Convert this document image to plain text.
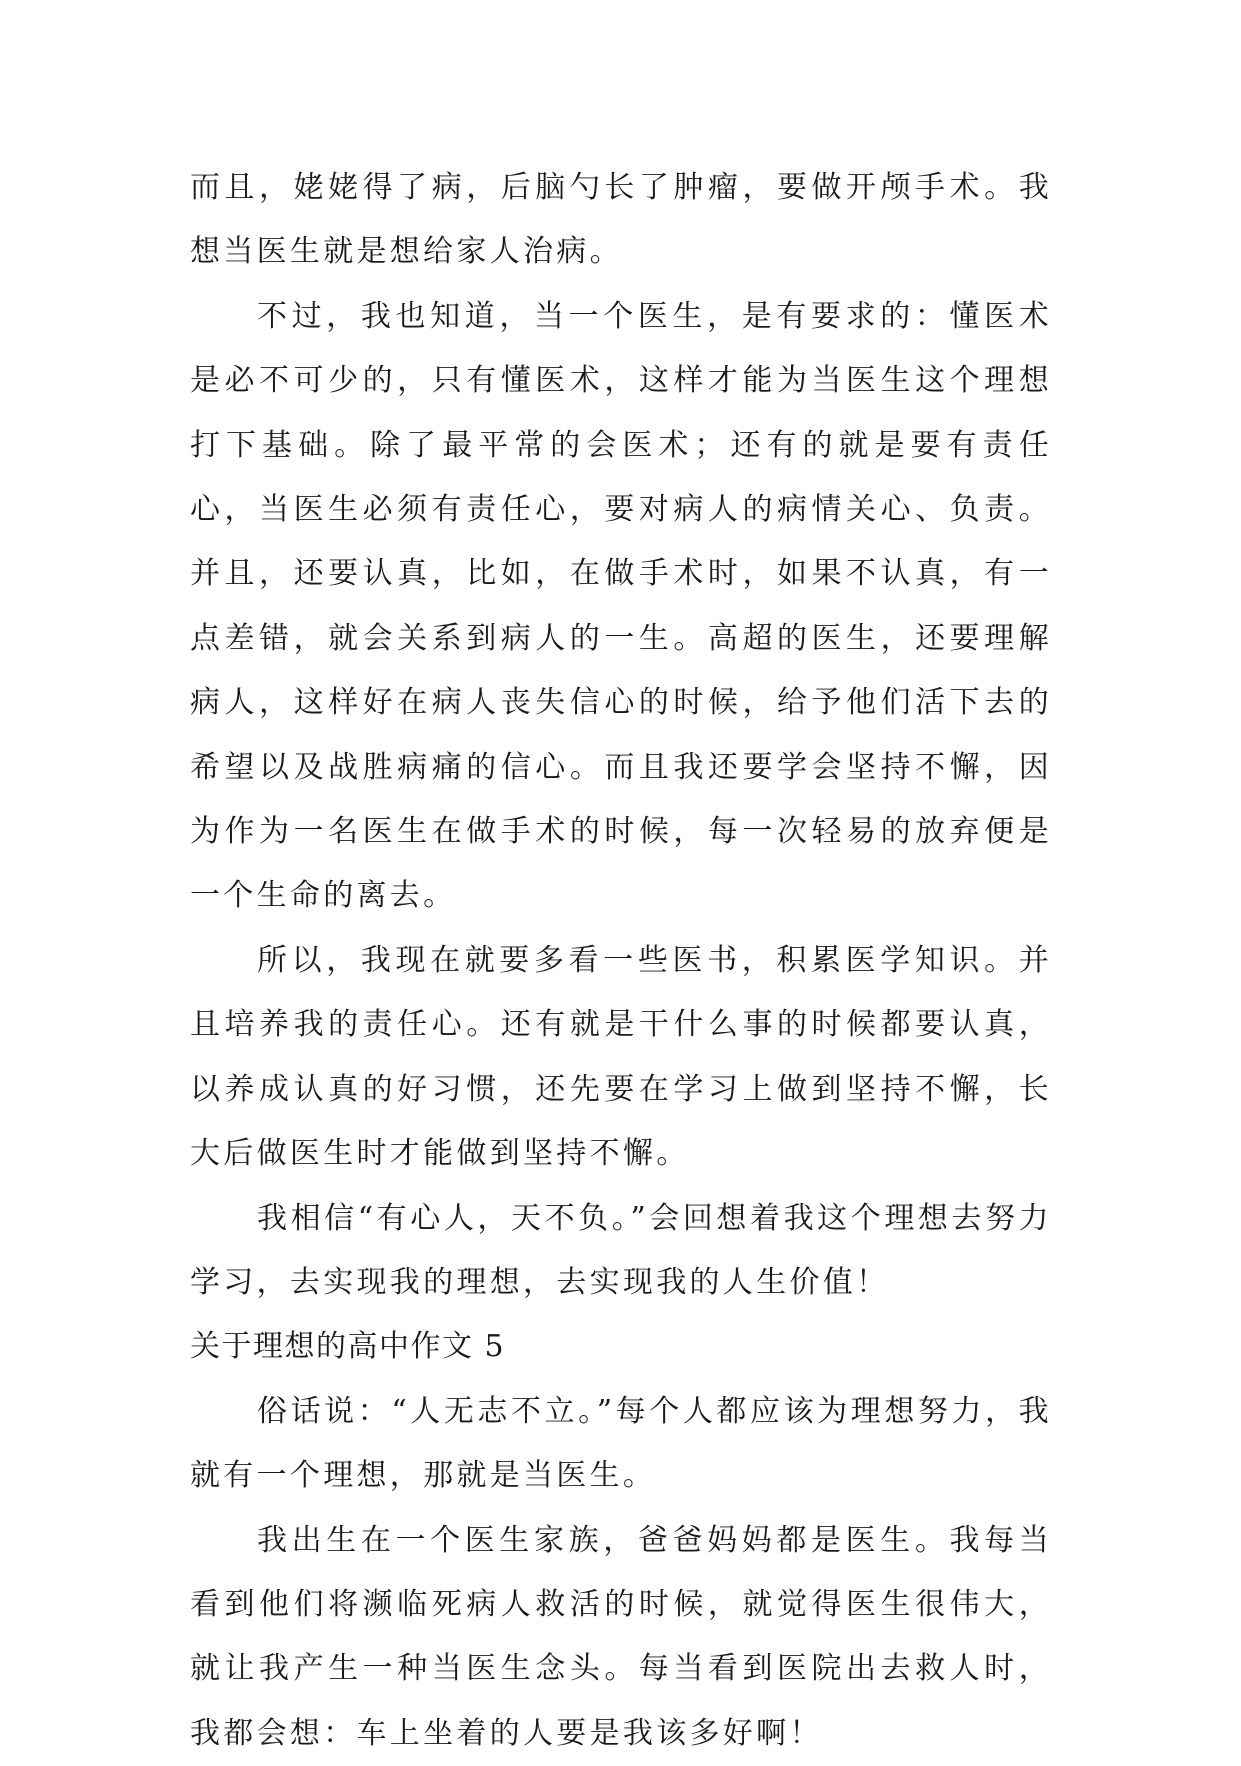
而且，姥姥得了病，后脑勺长了肿瘤，要做开颅手术。我想当医生就是想给家人治病。

不过，我也知道，当一个医生，是有要求的：懂医术是必不可少的，只有懂医术，这样才能为当医生这个理想打下基础。除了最平常的会医术；还有的就是要有责任心，当医生必须有责任心，要对病人的病情关心、负责。并且，还要认真，比如，在做手术时，如果不认真，有一点差错，就会关系到病人的一生。高超的医生，还要理解病人，这样好在病人丧失信心的时候，给予他们活下去的希望以及战胜病痛的信心。而且我还要学会坚持不懈，因为作为一名医生在做手术的时候，每一次轻易的放弃便是一个生命的离去。

所以，我现在就要多看一些医书，积累医学知识。并且培养我的责任心。还有就是干什么事的时候都要认真，以养成认真的好习惯，还先要在学习上做到坚持不懈，长大后做医生时才能做到坚持不懈。

我相信“有心人，天不负。”会回想着我这个理想去努力学习，去实现我的理想，去实现我的人生价值！

关于理想的高中作文 5

俗话说：“人无志不立。”每个人都应该为理想努力，我就有一个理想，那就是当医生。

我出生在一个医生家族，爸爸妈妈都是医生。我每当看到他们将濒临死病人救活的时候，就觉得医生很伟大，就让我产生一种当医生念头。每当看到医院出去救人时，我都会想：车上坐着的人要是我该多好啊！
